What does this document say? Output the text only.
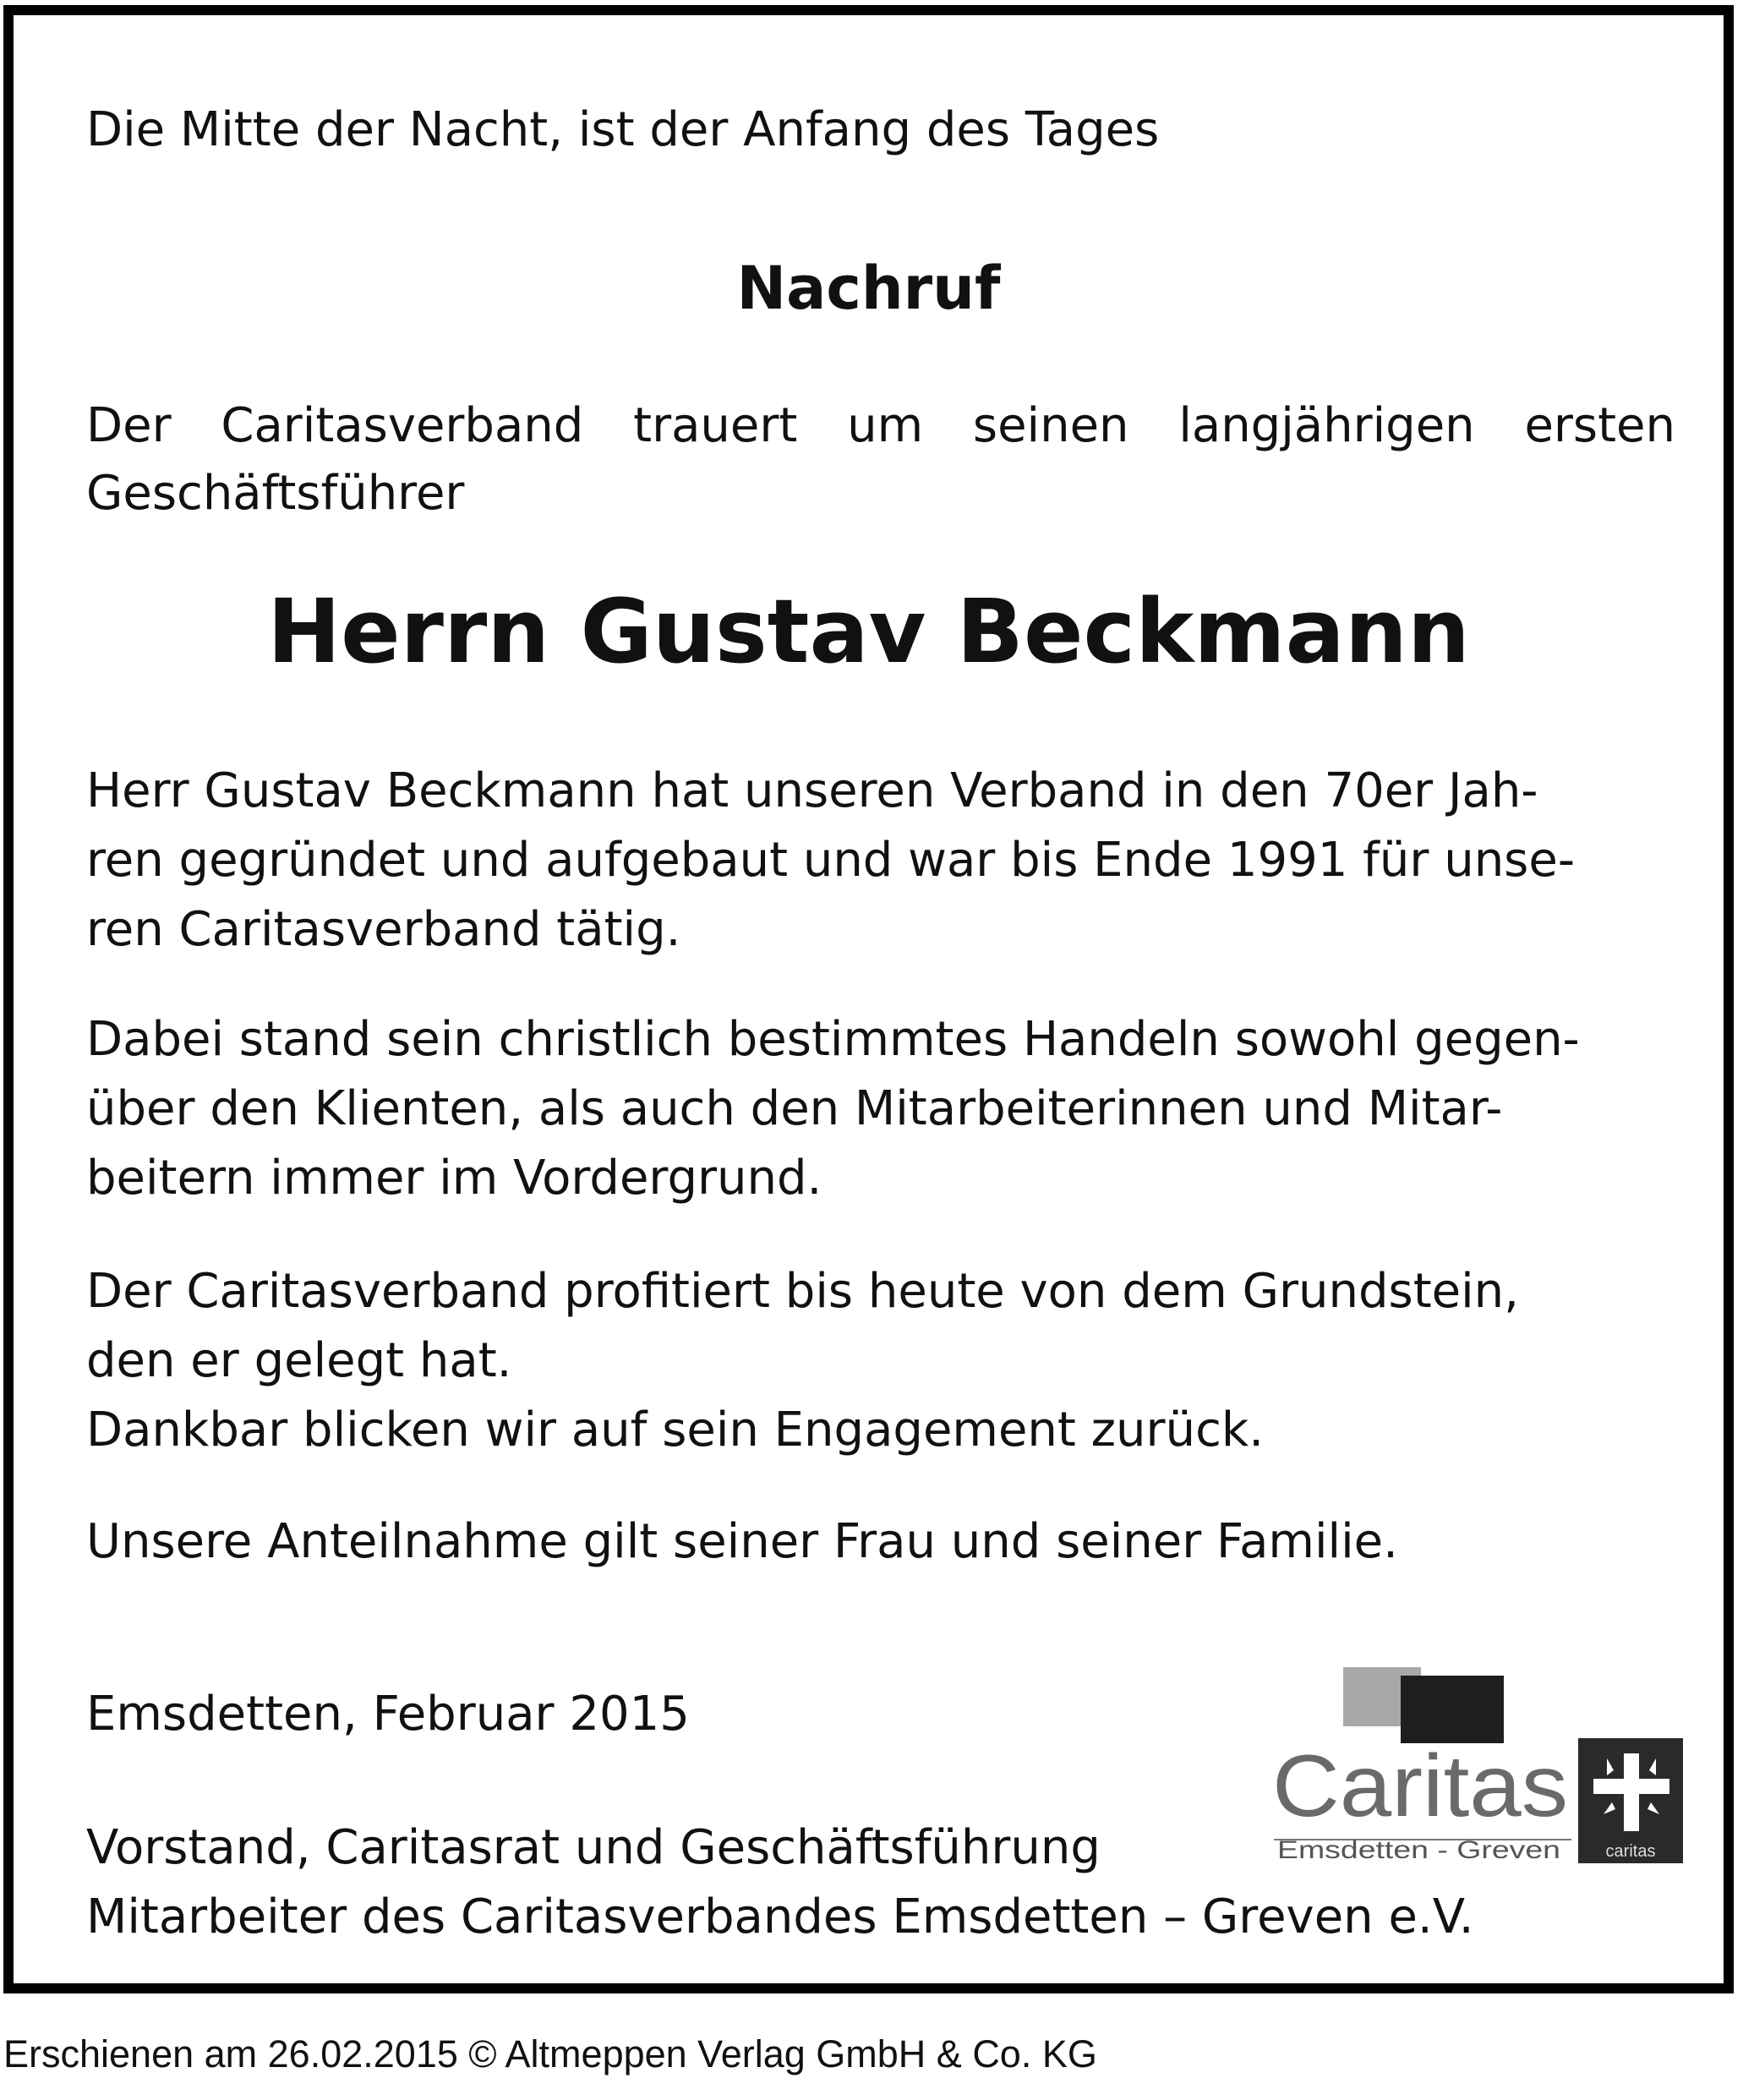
Die Mitte der Nacht, ist der Anfang des Tages

Nachruf

Der Caritasverband trauert um seinen langjährigen ersten

Geschäftsführer

Herrn Gustav Beckmann

Herr Gustav Beckmann hat unseren Verband in den 70er Jah-

ren gegründet und aufgebaut und war bis Ende 1991 für unse-

ren Caritasverband tätig.

Dabei stand sein christlich bestimmtes Handeln sowohl gegen-

über den Klienten, als auch den Mitarbeiterinnen und Mitar-

beitern immer im Vordergrund.

Der Caritasverband profitiert bis heute von dem Grundstein,

den er gelegt hat.

Dankbar blicken wir auf sein Engagement zurück.

Unsere Anteilnahme gilt seiner Frau und seiner Familie.

Emsdetten, Februar 2015

Vorstand, Caritasrat und Geschäftsführung

Mitarbeiter des Caritasverbandes Emsdetten – Greven e.V.

Caritas
Emsdetten - Greven	caritas
Erschienen am 26.02.2015 © Altmeppen Verlag GmbH & Co. KG
